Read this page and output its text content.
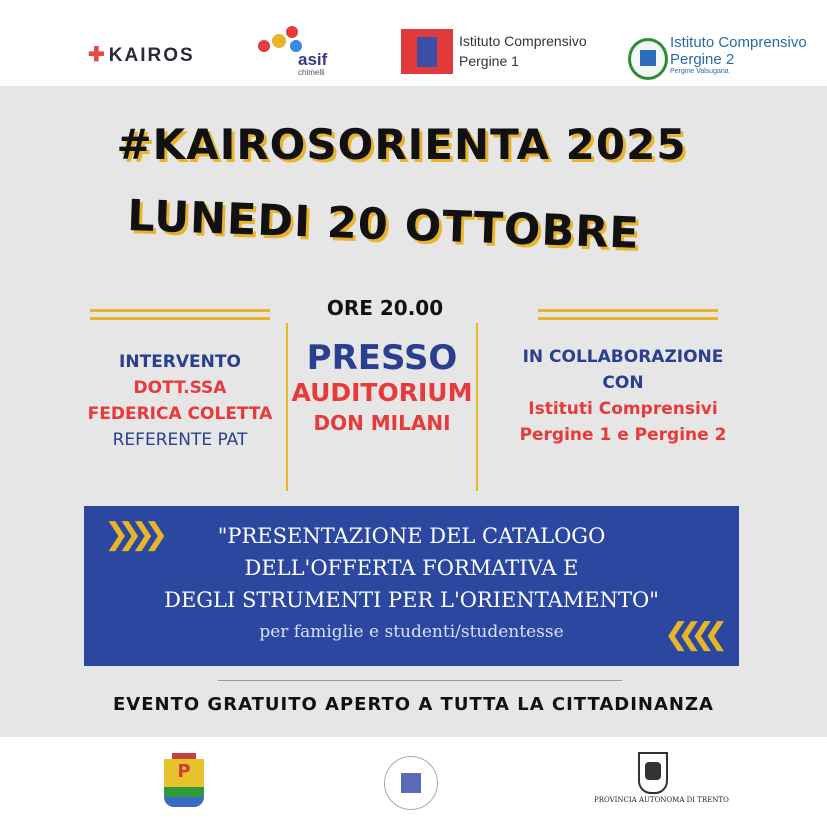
✚ KAIROS	asif
chimelli
Istituto Comprensivo
Pergine 1
Istituto Comprensivo
Pergine 2
Pergine Valsugana
#KAIROSORIENTA 2025
LUNEDI 20 OTTOBRE
ORE 20.00
INTERVENTO
DOTT.SSA
FEDERICA COLETTA
REFERENTE PAT
PRESSO
AUDITORIUM
DON MILANI
IN COLLABORAZIONE
CON
Istituti Comprensivi
Pergine 1 e Pergine 2
❯❯❯❯
❮❮❮❮
"PRESENTAZIONE DEL CATALOGO
DELL'OFFERTA FORMATIVA E
DEGLI STRUMENTI PER L'ORIENTAMENTO"
per famiglie e studenti/studentesse
EVENTO GRATUITO APERTO A TUTTA LA CITTADINANZA
P
PROVINCIA AUTONOMA DI TRENTO
